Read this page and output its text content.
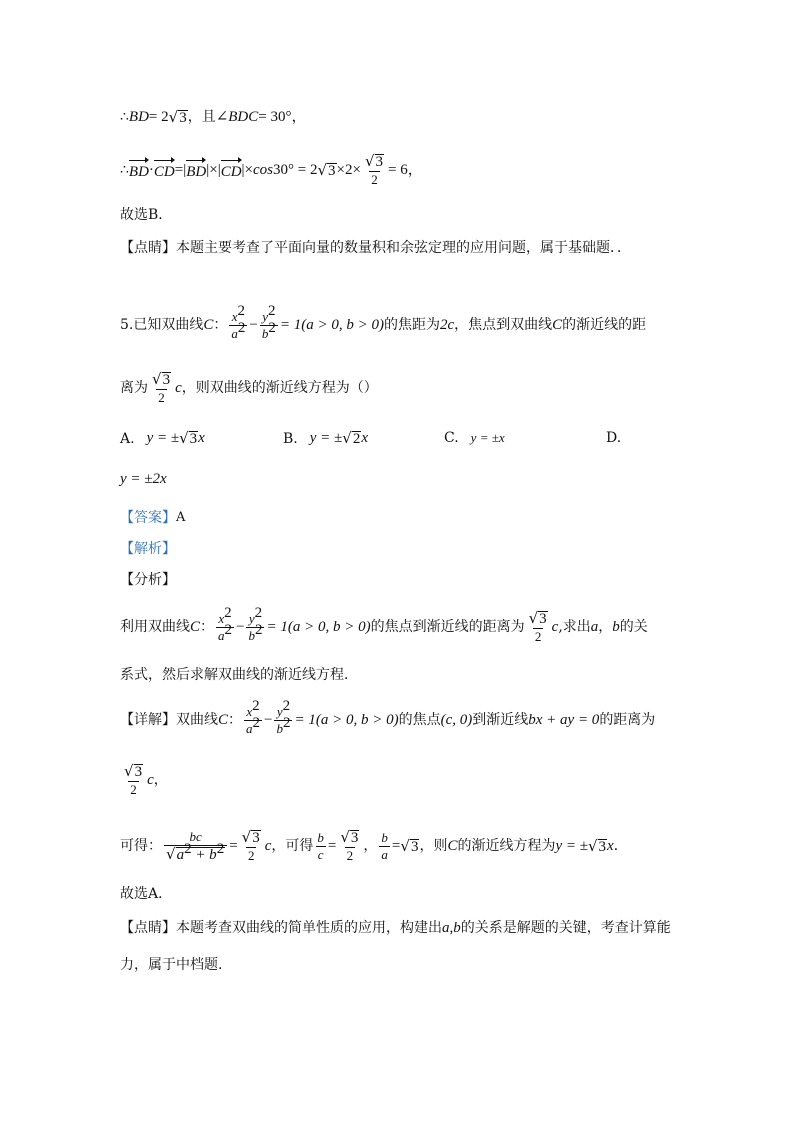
∴ BD = 2 √ 3 ，且 ∠BDC = 30°，
∴ BD · CD =| BD |×| CD |× cos 30° = 2 √ $3 \times 2\times \frac{√ 3}{2} = 6$，
故选B．
【点睛】 本题主要考查了平面向量的数量积和余弦定理的应用问题，属于基础题．．
5.已知双曲线 C ： $\frac{x^2}{a^2} - \frac{y^2}{b^2} = 1(a > 0$, b > 0) 的焦距为 2c ，焦点到双曲线 C 的渐近线的距
离为 $\frac{√ 3}{2}$ c ，则双曲线的渐近线方程为（）
A. y = ± √ 3 x	B. y = ± √ 2 x	C. y = ±x	D.
y = ±2x
【答案】 A
【解析】
【分析】
利用双曲线 C ： $\frac{x^2}{a^2} - \frac{y^2}{b^2} = 1(a > 0$, b > 0) 的焦点到渐近线的距离为 $\frac{√ 3}{2}$ c ,求出 a ， b 的关
系式，然后求解双曲线的渐近线方程．
【详解】双曲线 C ： $\frac{x^2}{a^2} - \frac{y^2}{b^2} = 1(a > 0$, b > 0) 的焦点 (c, 0) 到渐近线 bx + ay = 0 的距离为
$\frac{√ 3}{2}$ c ，
可得： $\frac{bc}{√ a^2 + b^2} = \frac{√ 3}{2}$ c ，可得 $\frac{b}{c} = \frac{√ 3}{2}$ ， $\frac{b}{a}$ = √ 3 ，则 C 的渐近线方程为 y = ± √ 3 x ．
故选A．
【点睛】本题考查双曲线的简单性质的应用，构建出 a,b 的关系是解题的关键，考查计算能
力，属于中档题.
